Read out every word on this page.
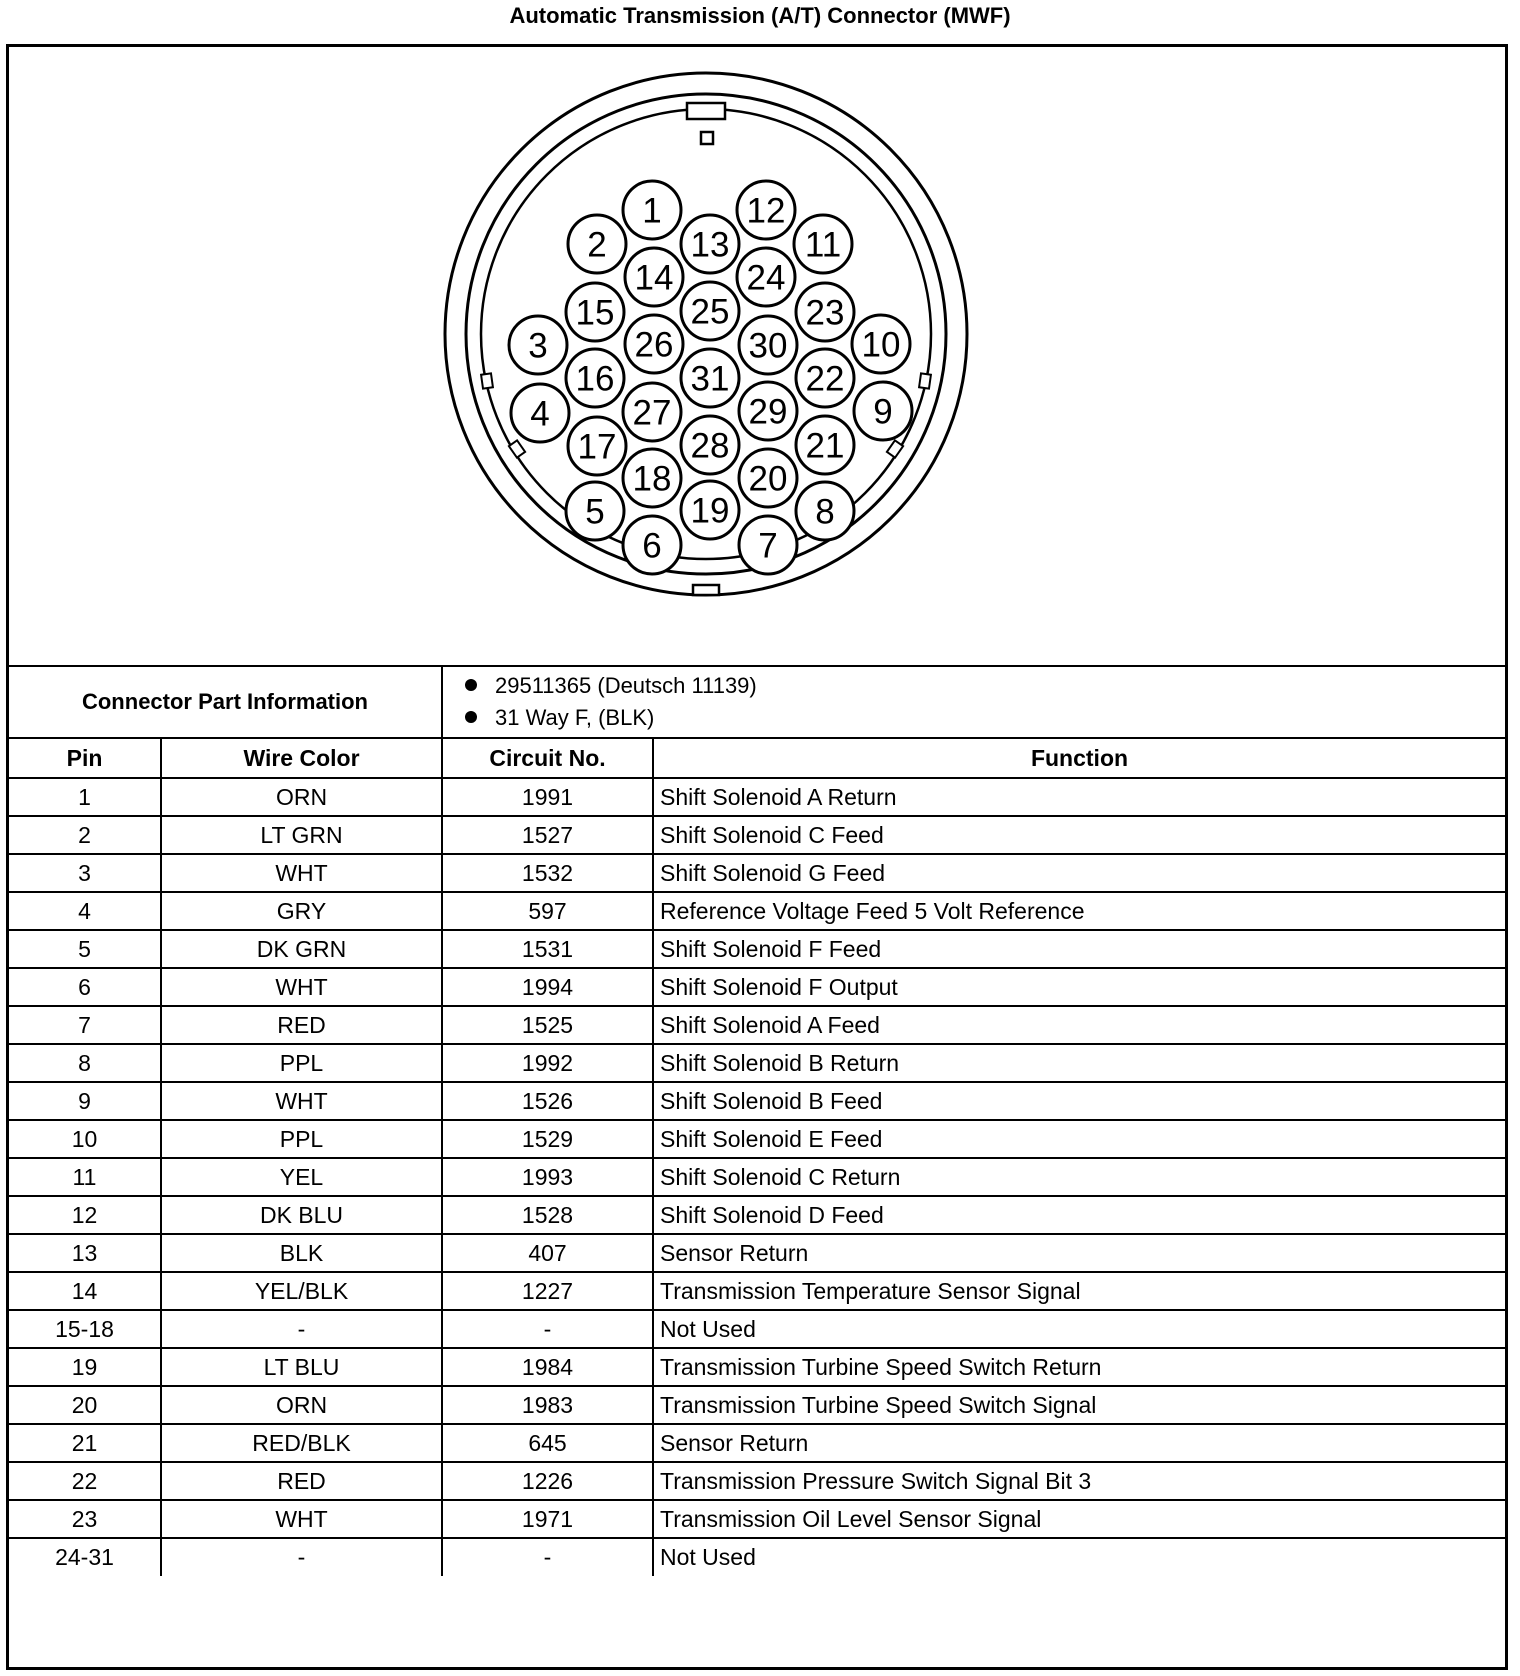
Automatic Transmission (A/T) Connector (MWF)
1
2
3
4
5
6	7
8
9
10
11
12
13
14
15
16
17
18
19
20
21
22
23
24
25
26
27
28
29
30
31
Connector Part Information	
29511365 (Deutsch 11139)
31 Way F, (BLK)
Pin	Wire Color	Circuit No.	Function
1	ORN	1991	Shift Solenoid A Return
2	LT GRN	1527	Shift Solenoid C Feed
3	WHT	1532	Shift Solenoid G Feed
4	GRY	597	Reference Voltage Feed 5 Volt Reference
5	DK GRN	1531	Shift Solenoid F Feed
6	WHT	1994	Shift Solenoid F Output
7	RED	1525	Shift Solenoid A Feed
8	PPL	1992	Shift Solenoid B Return
9	WHT	1526	Shift Solenoid B Feed
10	PPL	1529	Shift Solenoid E Feed
11	YEL	1993	Shift Solenoid C Return
12	DK BLU	1528	Shift Solenoid D Feed
13	BLK	407	Sensor Return
14	YEL/BLK	1227	Transmission Temperature Sensor Signal
15-18	-	-	Not Used
19	LT BLU	1984	Transmission Turbine Speed Switch Return
20	ORN	1983	Transmission Turbine Speed Switch Signal
21	RED/BLK	645	Sensor Return
22	RED	1226	Transmission Pressure Switch Signal Bit 3
23	WHT	1971	Transmission Oil Level Sensor Signal
24-31	-	-	Not Used
